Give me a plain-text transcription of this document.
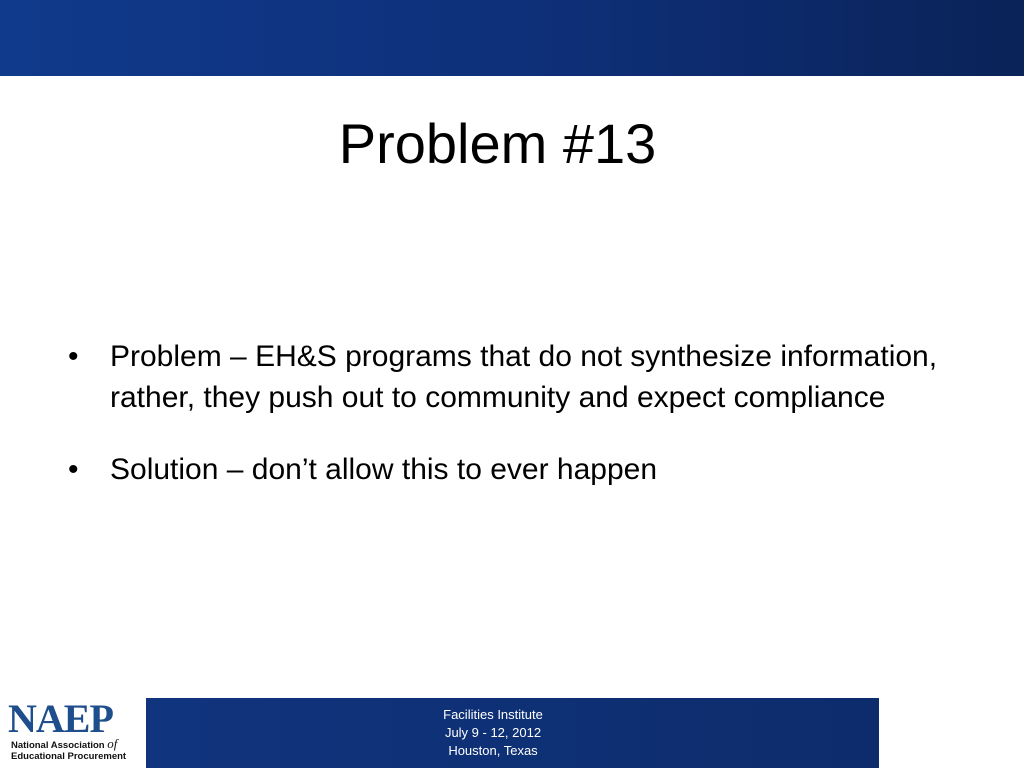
Problem #13
• Problem – EH&S programs that do not synthesize information, rather, they push out to community and expect compliance
• Solution – don’t allow this to ever happen
NAEP
National Association of
Educational Procurement
Facilities Institute
July 9 - 12, 2012
Houston, Texas
